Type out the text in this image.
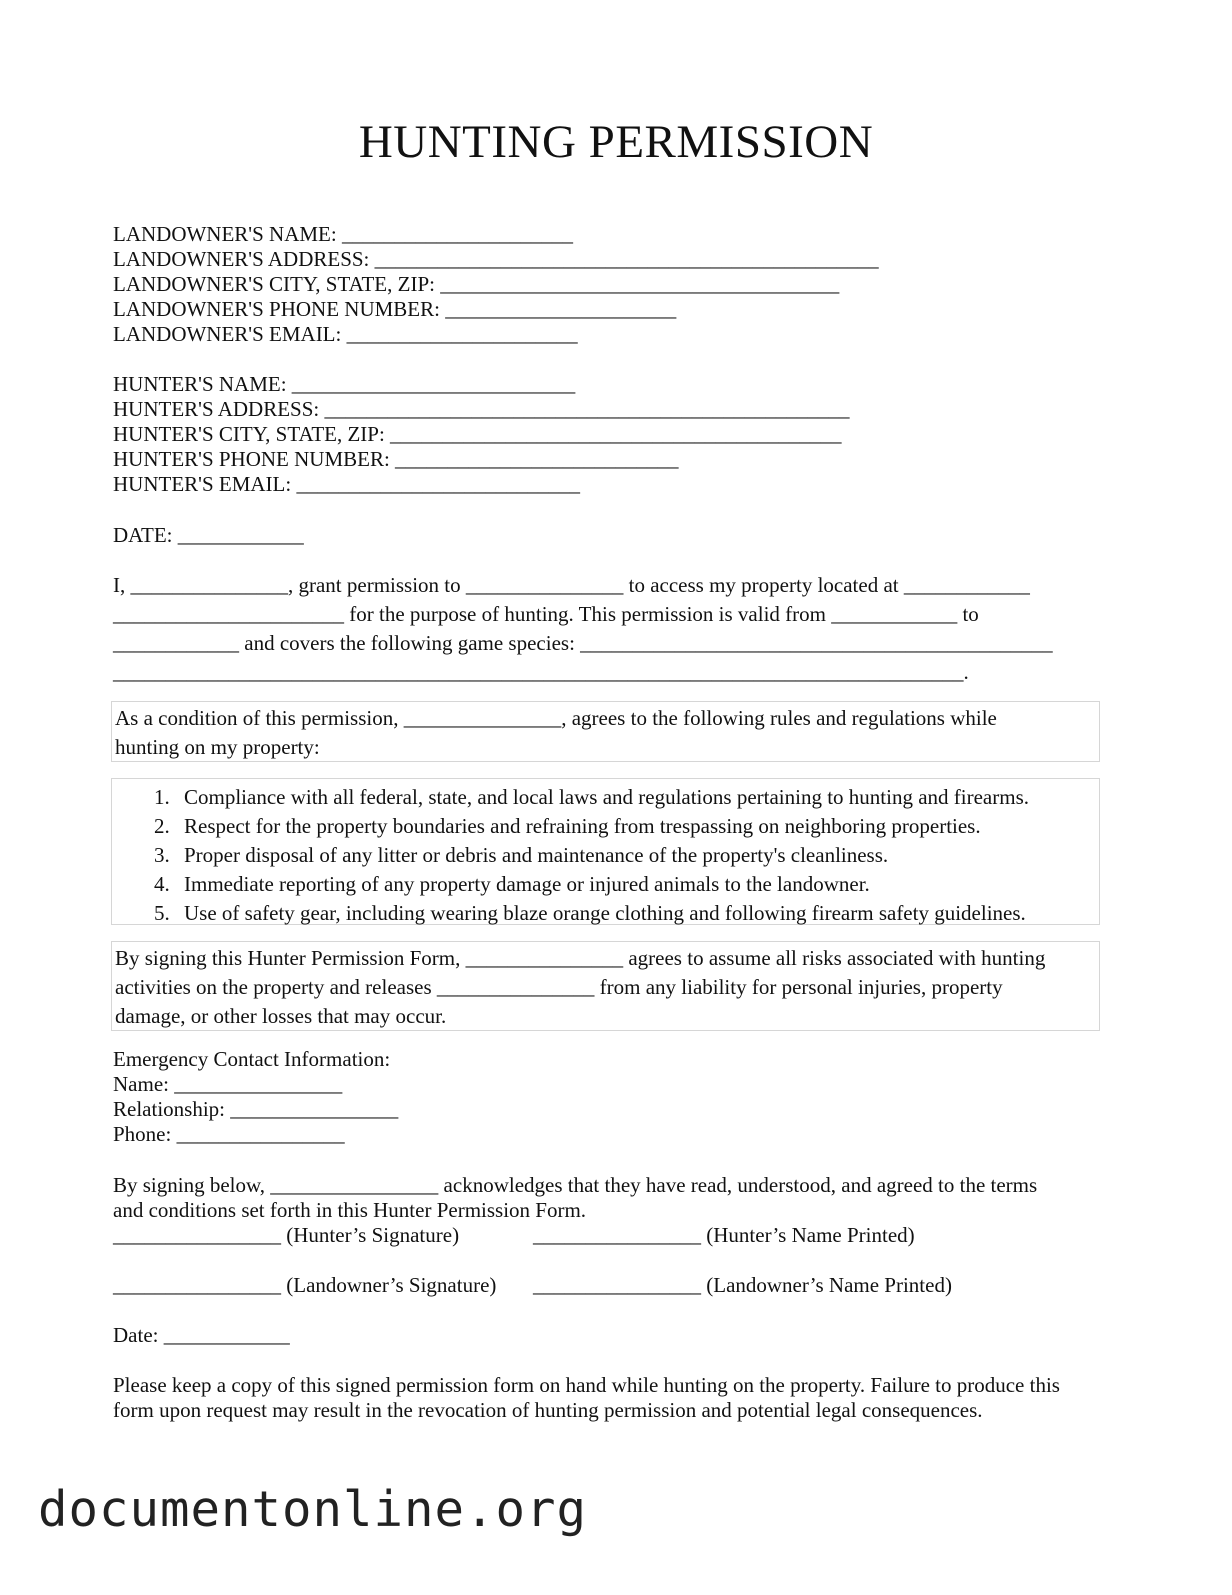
HUNTING PERMISSION
LANDOWNER'S NAME: ______________________
LANDOWNER'S ADDRESS: ________________________________________________
LANDOWNER'S CITY, STATE, ZIP: ______________________________________
LANDOWNER'S PHONE NUMBER: ______________________
LANDOWNER'S EMAIL: ______________________
HUNTER'S NAME: ___________________________
HUNTER'S ADDRESS: __________________________________________________
HUNTER'S CITY, STATE, ZIP: ___________________________________________
HUNTER'S PHONE NUMBER: ___________________________
HUNTER'S EMAIL: ___________________________
DATE: ____________
I, _______________, grant permission to _______________ to access my property located at ____________
______________________ for the purpose of hunting. This permission is valid from ____________ to
____________ and covers the following game species: _____________________________________________
_________________________________________________________________________________.
As a condition of this permission, _______________, agrees to the following rules and regulations while
hunting on my property:
1. Compliance with all federal, state, and local laws and regulations pertaining to hunting and firearms.
2. Respect for the property boundaries and refraining from trespassing on neighboring properties.
3. Proper disposal of any litter or debris and maintenance of the property's cleanliness.
4. Immediate reporting of any property damage or injured animals to the landowner.
5. Use of safety gear, including wearing blaze orange clothing and following firearm safety guidelines.
By signing this Hunter Permission Form, _______________ agrees to assume all risks associated with hunting
activities on the property and releases _______________ from any liability for personal injuries, property
damage, or other losses that may occur.
Emergency Contact Information:
Name: ________________
Relationship: ________________
Phone: ________________
By signing below, ________________ acknowledges that they have read, understood, and agreed to the terms
and conditions set forth in this Hunter Permission Form.
________________ (Hunter’s Signature)	________________ (Hunter’s Name Printed)
________________ (Landowner’s Signature) ________________ (Landowner’s Name Printed)
Date: ____________
Please keep a copy of this signed permission form on hand while hunting on the property. Failure to produce this
form upon request may result in the revocation of hunting permission and potential legal consequences.
documentonline.org
